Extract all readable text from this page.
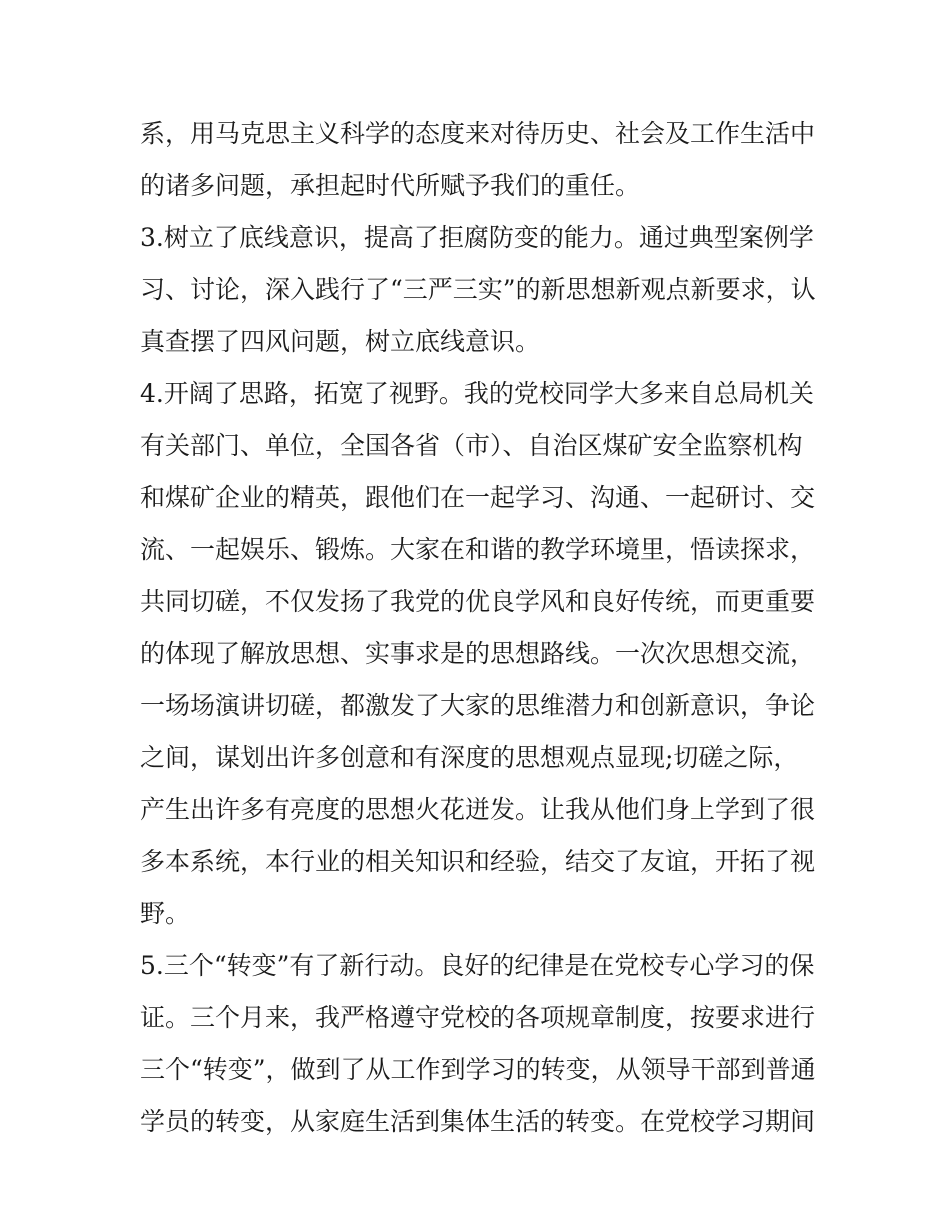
系，用马克思主义科学的态度来对待历史、社会及工作生活中
的诸多问题，承担起时代所赋予我们的重任。
3.树立了底线意识，提高了拒腐防变的能力。通过典型案例学
习、讨论，深入践行了“三严三实”的新思想新观点新要求，认
真查摆了四风问题，树立底线意识。
4.开阔了思路，拓宽了视野。我的党校同学大多来自总局机关
有关部门、单位，全国各省（市）、自治区煤矿安全监察机构
和煤矿企业的精英，跟他们在一起学习、沟通、一起研讨、交
流、一起娱乐、锻炼。大家在和谐的教学环境里，悟读探求，
共同切磋，不仅发扬了我党的优良学风和良好传统，而更重要
的体现了解放思想、实事求是的思想路线。一次次思想交流，
一场场演讲切磋，都激发了大家的思维潜力和创新意识，争论
之间，谋划出许多创意和有深度的思想观点显现;切磋之际，
产生出许多有亮度的思想火花迸发。让我从他们身上学到了很
多本系统，本行业的相关知识和经验，结交了友谊，开拓了视
野。
5.三个“转变”有了新行动。良好的纪律是在党校专心学习的保
证。三个月来，我严格遵守党校的各项规章制度，按要求进行
三个“转变”，做到了从工作到学习的转变，从领导干部到普通
学员的转变，从家庭生活到集体生活的转变。在党校学习期间
